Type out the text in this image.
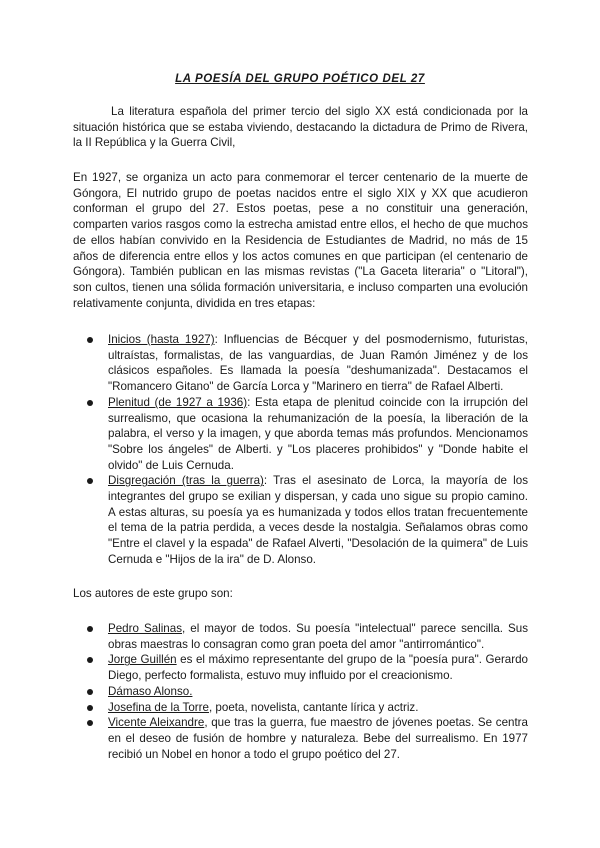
LA POESÍA DEL GRUPO POÉTICO DEL 27

La literatura española del primer tercio del siglo XX está condicionada por la situación histórica que se estaba viviendo, destacando la dictadura de Primo de Rivera, la II República y la Guerra Civil,

En 1927, se organiza un acto para conmemorar el tercer centenario de la muerte de Góngora, El nutrido grupo de poetas nacidos entre el siglo XIX y XX que acudieron conforman el grupo del 27. Estos poetas, pese a no constituir una generación, comparten varios rasgos como la estrecha amistad entre ellos, el hecho de que muchos de ellos habían convivido en la Residencia de Estudiantes de Madrid, no más de 15 años de diferencia entre ellos y los actos comunes en que participan (el centenario de Góngora). También publican en las mismas revistas ("La Gaceta literaria" o "Litoral"), son cultos, tienen una sólida formación universitaria, e incluso comparten una evolución relativamente conjunta, dividida en tres etapas:

Inicios (hasta 1927): Influencias de Bécquer y del posmodernismo, futuristas, ultraístas, formalistas, de las vanguardias, de Juan Ramón Jiménez y de los clásicos españoles. Es llamada la poesía "deshumanizada". Destacamos el "Romancero Gitano" de García Lorca y "Marinero en tierra" de Rafael Alberti.
Plenitud (de 1927 a 1936): Esta etapa de plenitud coincide con la irrupción del surrealismo, que ocasiona la rehumanización de la poesía, la liberación de la palabra, el verso y la imagen, y que aborda temas más profundos. Mencionamos "Sobre los ángeles" de Alberti. y "Los placeres prohibidos" y "Donde habite el olvido" de Luis Cernuda.
Disgregación (tras la guerra): Tras el asesinato de Lorca, la mayoría de los integrantes del grupo se exilian y dispersan, y cada uno sigue su propio camino. A estas alturas, su poesía ya es humanizada y todos ellos tratan frecuentemente el tema de la patria perdida, a veces desde la nostalgia. Señalamos obras como "Entre el clavel y la espada" de Rafael Alverti, "Desolación de la quimera" de Luis Cernuda e "Hijos de la ira" de D. Alonso.

Los autores de este grupo son:

Pedro Salinas, el mayor de todos. Su poesía "intelectual" parece sencilla. Sus obras maestras lo consagran como gran poeta del amor "antirromántico".
Jorge Guillén es el máximo representante del grupo de la "poesía pura". Gerardo Diego, perfecto formalista, estuvo muy influido por el creacionismo.
Dámaso Alonso.
Josefina de la Torre, poeta, novelista, cantante lírica y actriz.
Vicente Aleixandre, que tras la guerra, fue maestro de jóvenes poetas. Se centra en el deseo de fusión de hombre y naturaleza. Bebe del surrealismo. En 1977 recibió un Nobel en honor a todo el grupo poético del 27.
